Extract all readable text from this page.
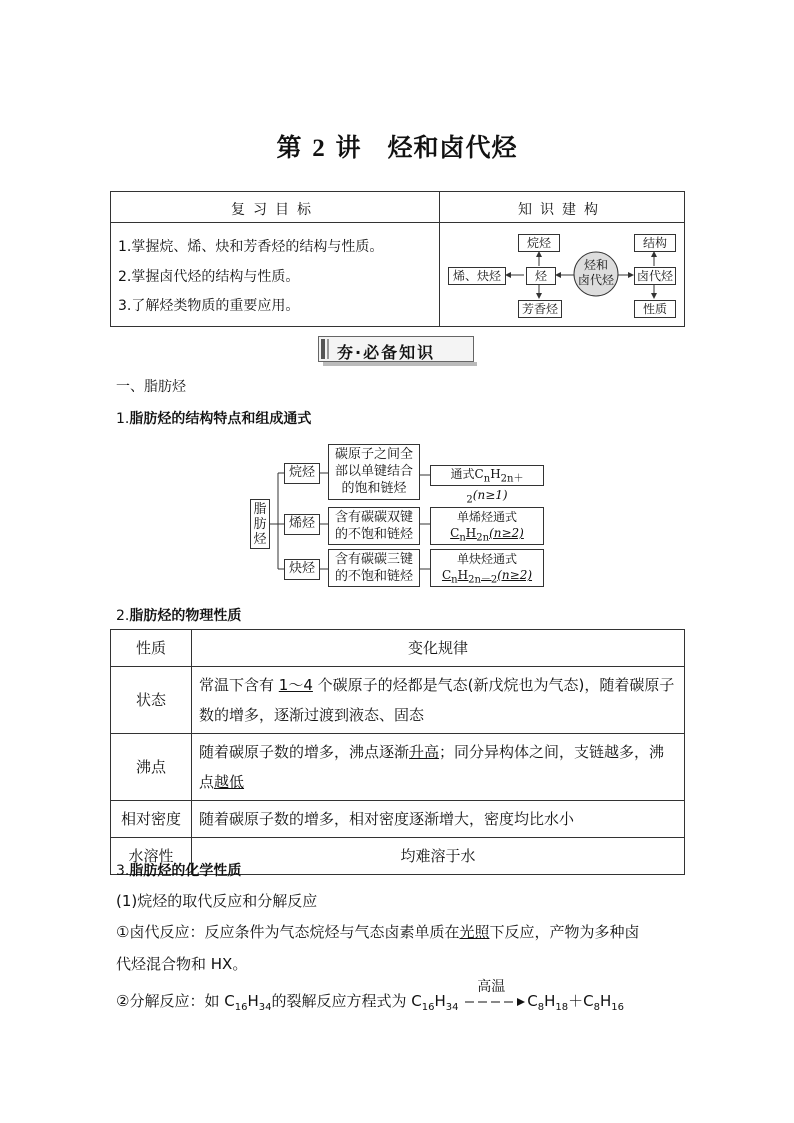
第 2 讲　烃和卤代烃
复习目标	知识建构
1.掌握烷、烯、炔和芳香烃的结构与性质。
2.掌握卤代烃的结构与性质。
3.了解烃类物质的重要应用。
烷烃
烯、炔烃	烃
芳香烃
烃和
卤代烃
结构
卤代烃
性质
夯·必备知识
一、脂肪烃
1.脂肪烃的结构特点和组成通式
脂
肪
烃
烷烃
烯烃
炔烃
碳原子之间全
部以单键结合
的饱和链烃
含有碳碳双键
的不饱和链烃
含有碳碳三键
的不饱和链烃
通式$C_nH_{2n+2}(n\ge 1)$
单烯烃通式
$C_nH_{2n}(n\ge 2)$
单炔烃通式
$C_nH_{2n-2}(n\ge 2)$
2.脂肪烃的物理性质
性质	变化规律
状态	常温下含有 1～4 个碳原子的烃都是气态(新戊烷也为气态)，随着碳原子数的增多，逐渐过渡到液态、固态
沸点	随着碳原子数的增多，沸点逐渐升高；同分异构体之间，支链越多，沸点越低
相对密度	随着碳原子数的增多，相对密度逐渐增大，密度均比水小
水溶性	均难溶于水
3.脂肪烃的化学性质
(1)烷烃的取代反应和分解反应
①卤代反应：反应条件为气态烷烃与气态卤素单质在光照下反应，产物为多种卤
代烃混合物和 HX。
②分解反应：如 $C_{16}H_{34}$的裂解反应方程式为 $C_{16}H_{34}$
高温
$C_8H_{18}+C_8H_{16}$
